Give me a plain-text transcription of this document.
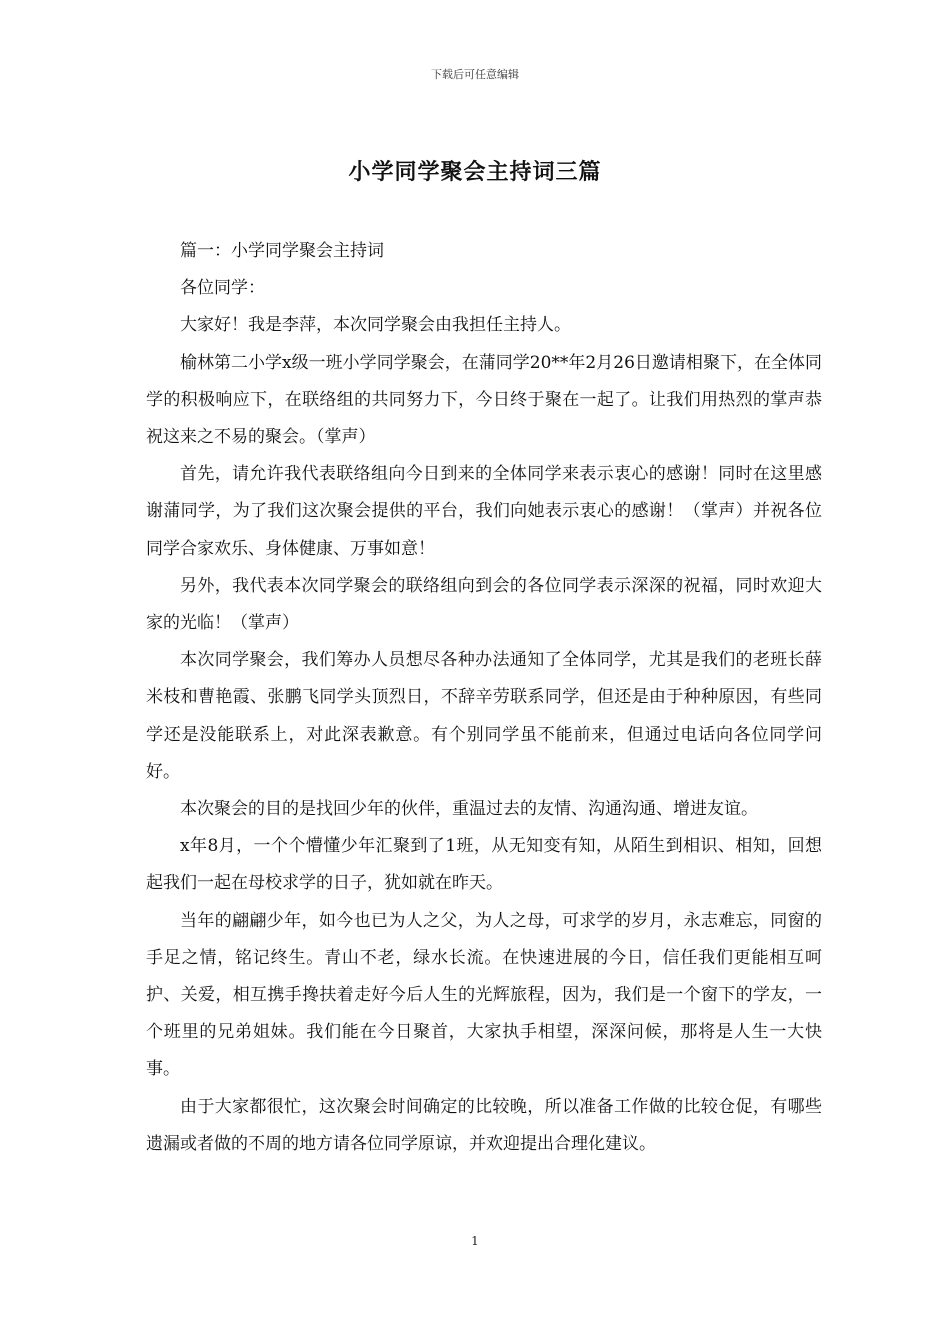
下载后可任意编辑
小学同学聚会主持词三篇

篇一：小学同学聚会主持词

各位同学：

大家好！我是李萍，本次同学聚会由我担任主持人。

榆林第二小学x级一班小学同学聚会，在蒲同学20**年2月26日邀请相聚下，在全体同学的积极响应下，在联络组的共同努力下，今日终于聚在一起了。让我们用热烈的掌声恭祝这来之不易的聚会。（掌声）

首先，请允许我代表联络组向今日到来的全体同学来表示衷心的感谢！同时在这里感谢蒲同学，为了我们这次聚会提供的平台，我们向她表示衷心的感谢！（掌声）并祝各位同学合家欢乐、身体健康、万事如意！

另外，我代表本次同学聚会的联络组向到会的各位同学表示深深的祝福，同时欢迎大家的光临！（掌声）

本次同学聚会，我们筹办人员想尽各种办法通知了全体同学，尤其是我们的老班长薛米枝和曹艳霞、张鹏飞同学头顶烈日，不辞辛劳联系同学，但还是由于种种原因，有些同学还是没能联系上，对此深表歉意。有个别同学虽不能前来，但通过电话向各位同学问好。

本次聚会的目的是找回少年的伙伴，重温过去的友情、沟通沟通、增进友谊。

x年8月，一个个懵懂少年汇聚到了1班，从无知变有知，从陌生到相识、相知，回想起我们一起在母校求学的日子，犹如就在昨天。

当年的翩翩少年，如今也已为人之父，为人之母，可求学的岁月，永志难忘，同窗的手足之情，铭记终生。青山不老，绿水长流。在快速进展的今日，信任我们更能相互呵护、关爱，相互携手搀扶着走好今后人生的光辉旅程，因为，我们是一个窗下的学友，一个班里的兄弟姐妹。我们能在今日聚首，大家执手相望，深深问候，那将是人生一大快事。

由于大家都很忙，这次聚会时间确定的比较晚，所以准备工作做的比较仓促，有哪些遗漏或者做的不周的地方请各位同学原谅，并欢迎提出合理化建议。

1
